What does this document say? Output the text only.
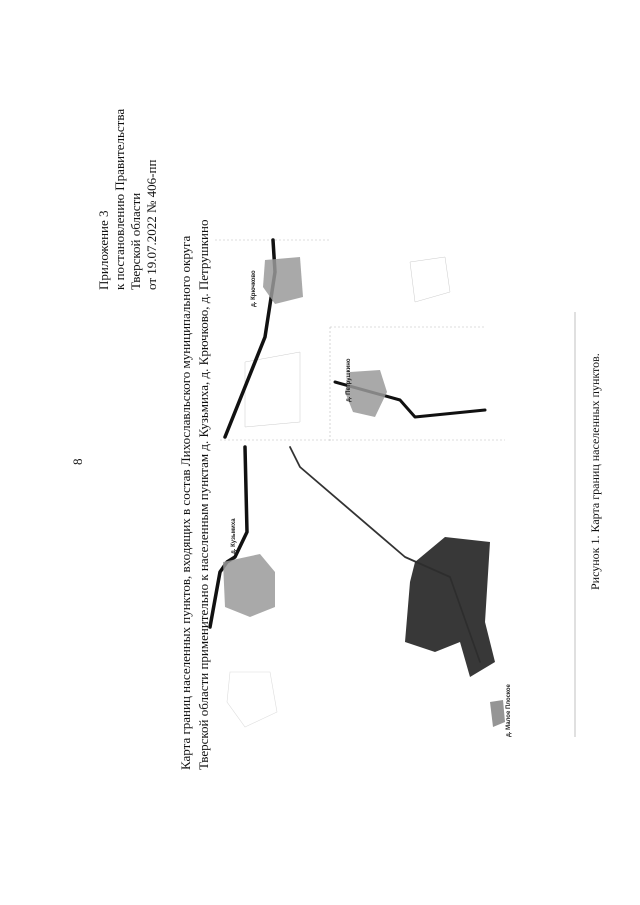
8
Приложение 3 к постановлению Правительства Тверской области от 19.07.2022 № 406-пп
Карта границ населенных пунктов, входящих в состав Лихославльского муниципального округа Тверской области применительно к населенным пунктам д. Кузьмиха, д. Крючково, д. Петрушкино	д. Крючково
д. Петрушкино
д. Кузьмиха
д. Малое Плоское
Рисунок 1. Карта границ населенных пунктов.
